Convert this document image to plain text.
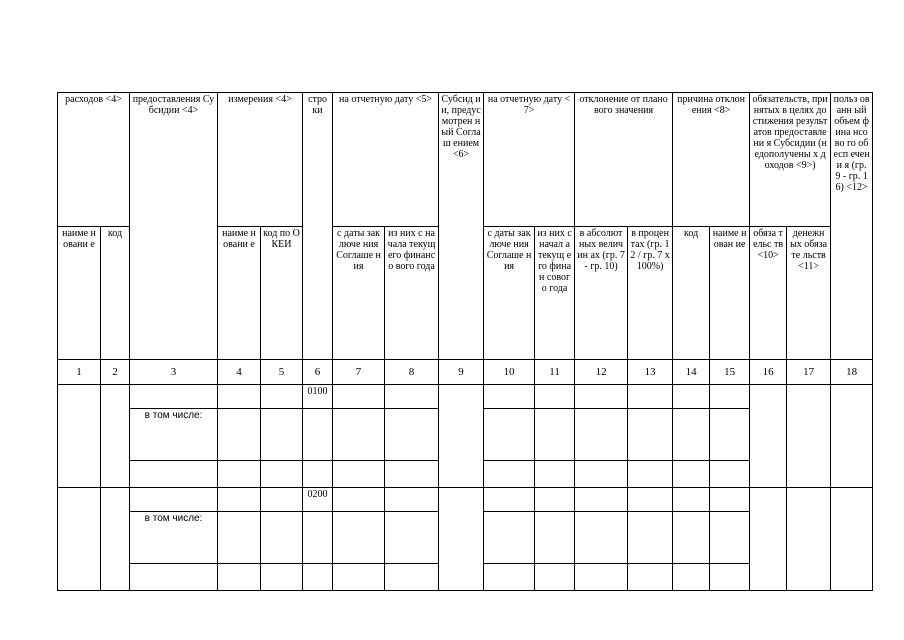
расходов <4>		предоставления Субсидии <4>	измерения <4>		стро ки	на отчетную дату <5>		Субсид ии, предус мотрен ный Соглаш ением <6>	на отчетную дату <7>		отклонение от планового значения		причина отклонения <8>		обязательств, принятых в целях достижения результатов предоставлени я Субсидии (недополучены х доходов <9>)		польз ованн ый объем фина нсово го обесп ечени я (гр. 9 - гр. 16) <12>
наиме новани е	код		наиме новани е	код по ОКЕИ		с даты заключе ния Соглаше ния	из них с начала текущего финансо вого года		с даты заключе ния Соглаше ния	из них с начал а текущ его финан совог о года	в абсолют ных величин ах (гр. 7 - гр. 10)	в процен тах (гр. 12 / гр. 7 x 100%)	код	наиме нован ие	обяза тельс тв <10>	денежн ых обязате льств <11>	
1	2	3	4	5	6	7	8	9	10	11	12	13	14	15	16	17	18
					0100												
		в том числе:															

					0200												
		в том числе:															
